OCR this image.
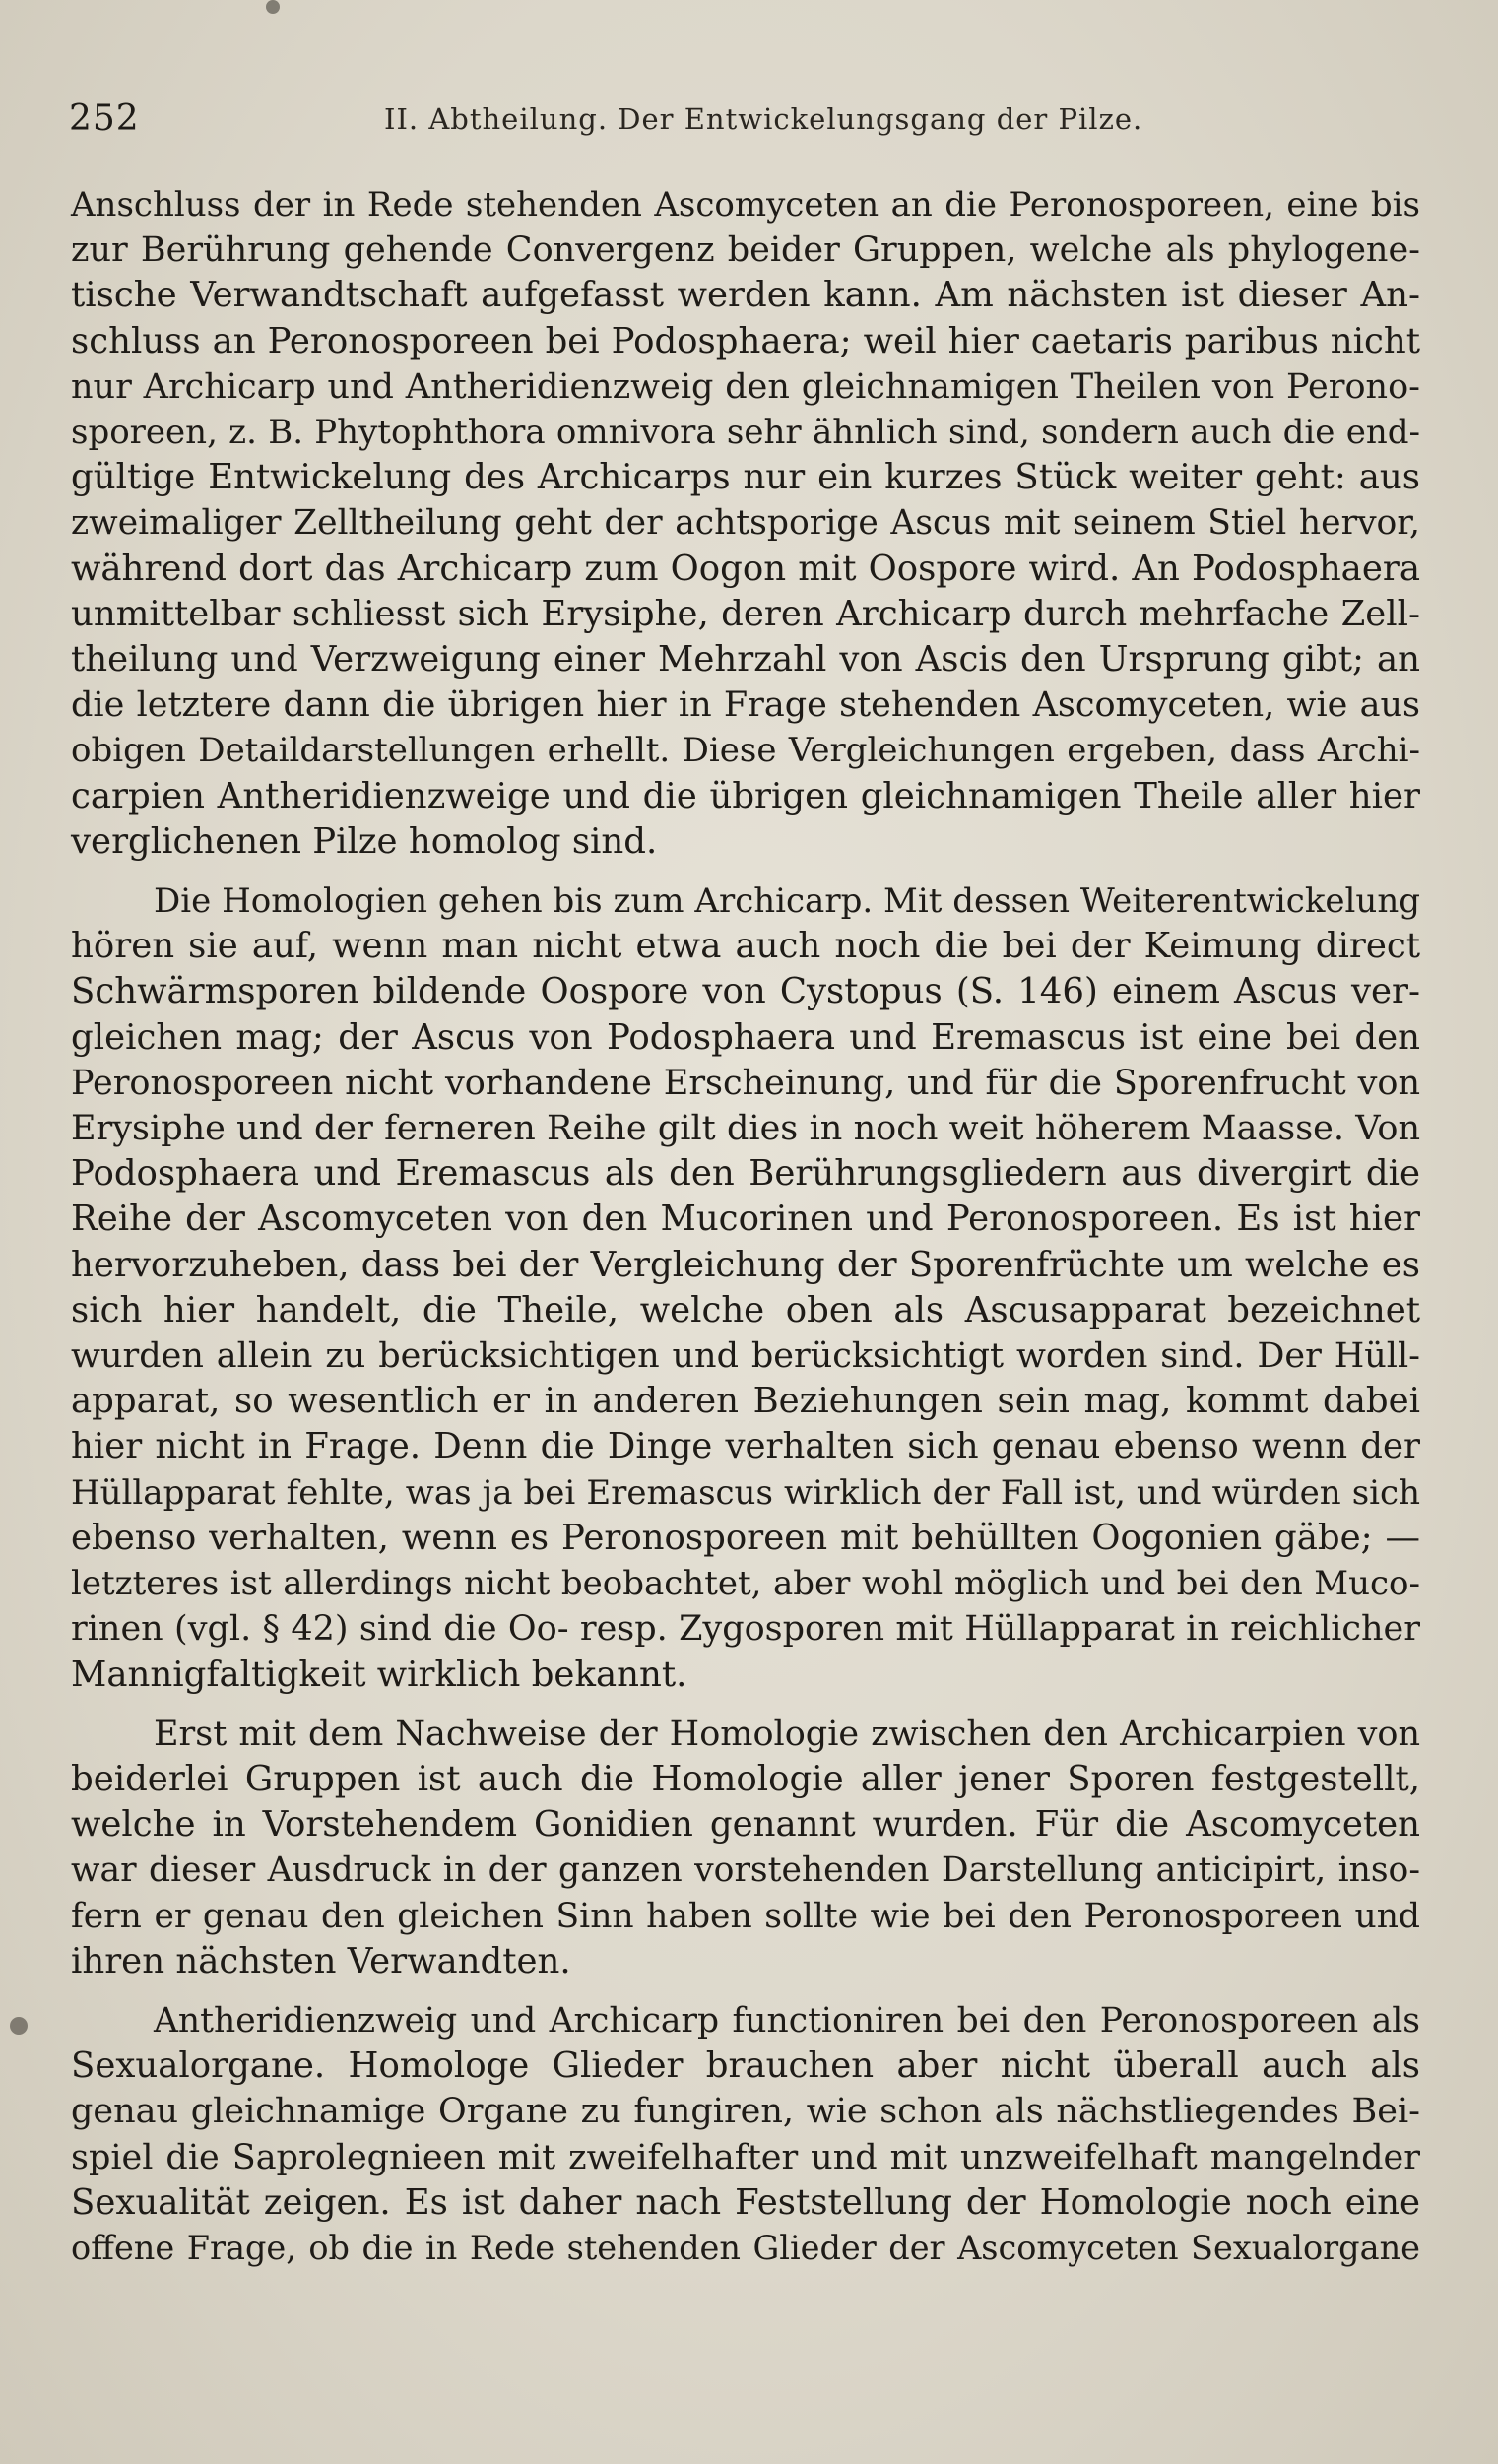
252	II. Abtheilung. Der Entwickelungsgang der Pilze.
Anschluss der in Rede stehenden Ascomyceten an die Peronosporeen, eine bis
zur Berührung gehende Convergenz beider Gruppen, welche als phylogene-
tische Verwandtschaft aufgefasst werden kann. Am nächsten ist dieser An-
schluss an Peronosporeen bei Podosphaera; weil hier caetaris paribus nicht
nur Archicarp und Antheridienzweig den gleichnamigen Theilen von Perono-
sporeen, z. B. Phytophthora omnivora sehr ähnlich sind, sondern auch die end-
gültige Entwickelung des Archicarps nur ein kurzes Stück weiter geht: aus
zweimaliger Zelltheilung geht der achtsporige Ascus mit seinem Stiel hervor,
während dort das Archicarp zum Oogon mit Oospore wird. An Podosphaera
unmittelbar schliesst sich Erysiphe, deren Archicarp durch mehrfache Zell-
theilung und Verzweigung einer Mehrzahl von Ascis den Ursprung gibt; an
die letztere dann die übrigen hier in Frage stehenden Ascomyceten, wie aus
obigen Detaildarstellungen erhellt. Diese Vergleichungen ergeben, dass Archi-
carpien Antheridienzweige und die übrigen gleichnamigen Theile aller hier
verglichenen Pilze homolog sind.
Die Homologien gehen bis zum Archicarp. Mit dessen Weiterentwickelung
hören sie auf, wenn man nicht etwa auch noch die bei der Keimung direct
Schwärmsporen bildende Oospore von Cystopus (S. 146) einem Ascus ver-
gleichen mag; der Ascus von Podosphaera und Eremascus ist eine bei den
Peronosporeen nicht vorhandene Erscheinung, und für die Sporenfrucht von
Erysiphe und der ferneren Reihe gilt dies in noch weit höherem Maasse. Von
Podosphaera und Eremascus als den Berührungsgliedern aus divergirt die
Reihe der Ascomyceten von den Mucorinen und Peronosporeen. Es ist hier
hervorzuheben, dass bei der Vergleichung der Sporenfrüchte um welche es
sich hier handelt, die Theile, welche oben als Ascusapparat bezeichnet
wurden allein zu berücksichtigen und berücksichtigt worden sind. Der Hüll-
apparat, so wesentlich er in anderen Beziehungen sein mag, kommt dabei
hier nicht in Frage. Denn die Dinge verhalten sich genau ebenso wenn der
Hüllapparat fehlte, was ja bei Eremascus wirklich der Fall ist, und würden sich
ebenso verhalten, wenn es Peronosporeen mit behüllten Oogonien gäbe; —
letzteres ist allerdings nicht beobachtet, aber wohl möglich und bei den Muco-
rinen (vgl. § 42) sind die Oo- resp. Zygosporen mit Hüllapparat in reichlicher
Mannigfaltigkeit wirklich bekannt.
Erst mit dem Nachweise der Homologie zwischen den Archicarpien von
beiderlei Gruppen ist auch die Homologie aller jener Sporen festgestellt,
welche in Vorstehendem Gonidien genannt wurden. Für die Ascomyceten
war dieser Ausdruck in der ganzen vorstehenden Darstellung anticipirt, inso-
fern er genau den gleichen Sinn haben sollte wie bei den Peronosporeen und
ihren nächsten Verwandten.
Antheridienzweig und Archicarp functioniren bei den Peronosporeen als
Sexualorgane. Homologe Glieder brauchen aber nicht überall auch als
genau gleichnamige Organe zu fungiren, wie schon als nächstliegendes Bei-
spiel die Saprolegnieen mit zweifelhafter und mit unzweifelhaft mangelnder
Sexualität zeigen. Es ist daher nach Feststellung der Homologie noch eine
offene Frage, ob die in Rede stehenden Glieder der Ascomyceten Sexualorgane
